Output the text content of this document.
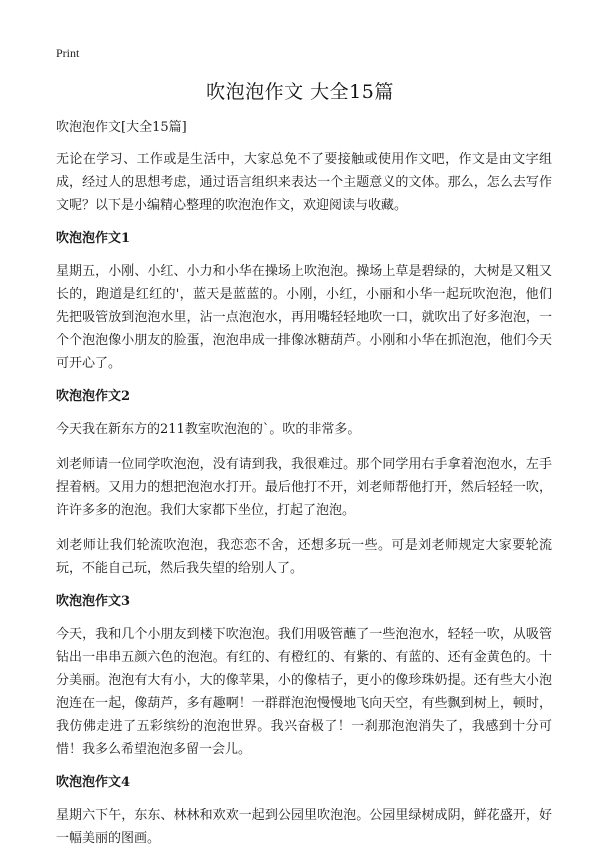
Print
吹泡泡作文 大全15篇

吹泡泡作文[大全15篇]

无论在学习、工作或是生活中，大家总免不了要接触或使用作文吧，作文是由文字组成，经过人的思想考虑，通过语言组织来表达一个主题意义的文体。那么，怎么去写作文呢？以下是小编精心整理的吹泡泡作文，欢迎阅读与收藏。

吹泡泡作文1

星期五，小刚、小红、小力和小华在操场上吹泡泡。操场上草是碧绿的，大树是又粗又长的，跑道是红红的'，蓝天是蓝蓝的。小刚，小红，小丽和小华一起玩吹泡泡，他们先把吸管放到泡泡水里，沾一点泡泡水，再用嘴轻轻地吹一口，就吹出了好多泡泡，一个个泡泡像小朋友的脸蛋，泡泡串成一排像冰糖葫芦。小刚和小华在抓泡泡，他们今天可开心了。

吹泡泡作文2

今天我在新东方的211教室吹泡泡的`。吹的非常多。

刘老师请一位同学吹泡泡，没有请到我，我很难过。那个同学用右手拿着泡泡水，左手捏着柄。又用力的想把泡泡水打开。最后他打不开，刘老师帮他打开，然后轻轻一吹，许许多多的泡泡。我们大家都下坐位，打起了泡泡。

刘老师让我们轮流吹泡泡，我恋恋不舍，还想多玩一些。可是刘老师规定大家要轮流玩，不能自己玩，然后我失望的给别人了。

吹泡泡作文3

今天，我和几个小朋友到楼下吹泡泡。我们用吸管蘸了一些泡泡水，轻轻一吹，从吸管钻出一串串五颜六色的泡泡。有红的、有橙红的、有紫的、有蓝的、还有金黄色的。十分美丽。泡泡有大有小，大的像苹果，小的像桔子，更小的像珍珠奶提。还有些大小泡泡连在一起，像葫芦，多有趣啊！一群群泡泡慢慢地飞向天空，有些飘到树上，顿时，我仿佛走进了五彩缤纷的泡泡世界。我兴奋极了！一刹那泡泡消失了，我感到十分可惜！我多么希望泡泡多留一会儿。

吹泡泡作文4

星期六下午，东东、林林和欢欢一起到公园里吹泡泡。公园里绿树成阴，鲜花盛开，好一幅美丽的图画。
